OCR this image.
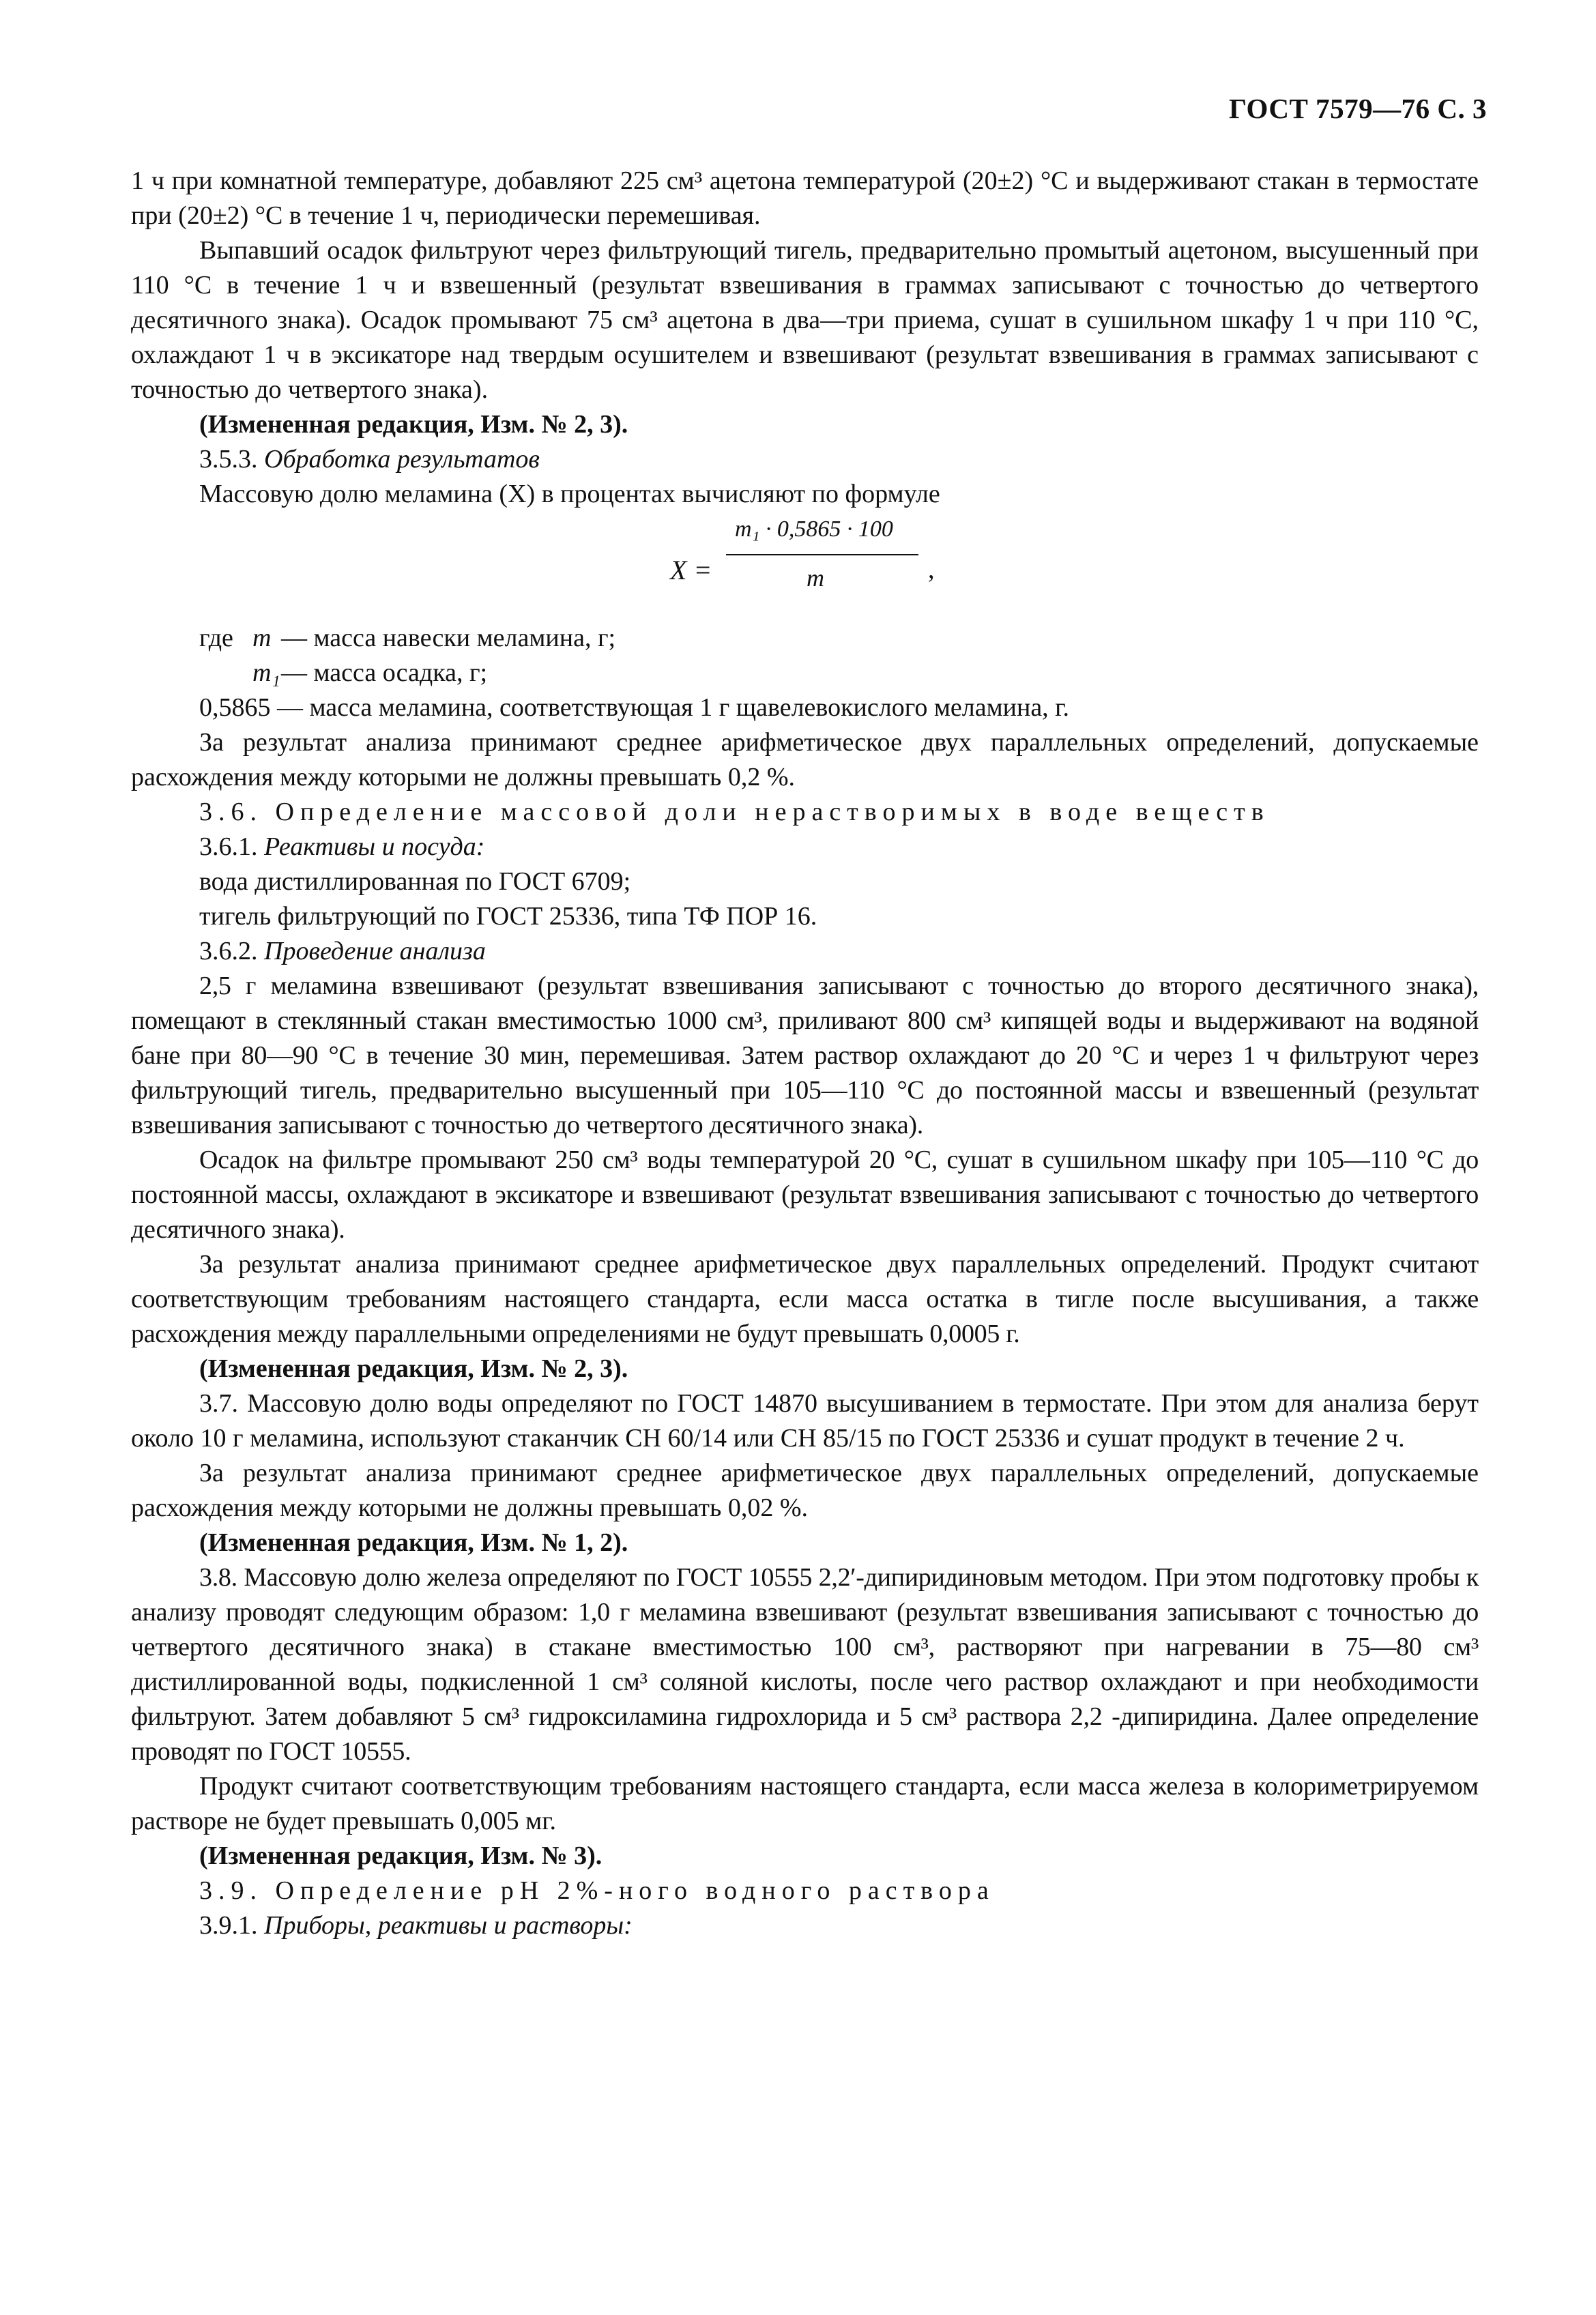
ГОСТ 7579—76 С. 3

1 ч при комнатной температуре, добавляют 225 см³ ацетона температурой (20±2) °С и выдерживают стакан в термостате при (20±2) °С в течение 1 ч, периодически перемешивая.

Выпавший осадок фильтруют через фильтрующий тигель, предварительно промытый ацетоном, высушенный при 110 °С в течение 1 ч и взвешенный (результат взвешивания в граммах записывают с точностью до четвертого десятичного знака). Осадок промывают 75 см³ ацетона в два—три приема, сушат в сушильном шкафу 1 ч при 110 °С, охлаждают 1 ч в эксикаторе над твердым осушителем и взвешивают (результат взвешивания в граммах записывают с точностью до четвертого знака).

(Измененная редакция, Изм. № 2, 3).

3.5.3. Обработка результатов

Массовую долю меламина (X) в процентах вычисляют по формуле

X =
m₁ · 0,5865 · 100
m	,
где m — масса навески меламина, г;
m₁ — масса осадка, г;
0,5865 — масса меламина, соответствующая 1 г щавелевокислого меламина, г.

За результат анализа принимают среднее арифметическое двух параллельных определений, допускаемые расхождения между которыми не должны превышать 0,2 %.

3.6. Определение массовой доли нерастворимых в воде веществ

3.6.1. Реактивы и посуда:

вода дистиллированная по ГОСТ 6709;

тигель фильтрующий по ГОСТ 25336, типа ТФ ПОР 16.

3.6.2. Проведение анализа

2,5 г меламина взвешивают (результат взвешивания записывают с точностью до второго десятичного знака), помещают в стеклянный стакан вместимостью 1000 см³, приливают 800 см³ кипящей воды и выдерживают на водяной бане при 80—90 °С в течение 30 мин, перемешивая. Затем раствор охлаждают до 20 °С и через 1 ч фильтруют через фильтрующий тигель, предварительно высушенный при 105—110 °С до постоянной массы и взвешенный (результат взвешивания записывают с точностью до четвертого десятичного знака).

Осадок на фильтре промывают 250 см³ воды температурой 20 °С, сушат в сушильном шкафу при 105—110 °С до постоянной массы, охлаждают в эксикаторе и взвешивают (результат взвешивания записывают с точностью до четвертого десятичного знака).

За результат анализа принимают среднее арифметическое двух параллельных определений. Продукт считают соответствующим требованиям настоящего стандарта, если масса остатка в тигле после высушивания, а также расхождения между параллельными определениями не будут превышать 0,0005 г.

(Измененная редакция, Изм. № 2, 3).

3.7. Массовую долю воды определяют по ГОСТ 14870 высушиванием в термостате. При этом для анализа берут около 10 г меламина, используют стаканчик СН 60/14 или СН 85/15 по ГОСТ 25336 и сушат продукт в течение 2 ч.

За результат анализа принимают среднее арифметическое двух параллельных определений, допускаемые расхождения между которыми не должны превышать 0,02 %.

(Измененная редакция, Изм. № 1, 2).

3.8. Массовую долю железа определяют по ГОСТ 10555 2,2′-дипиридиновым методом. При этом подготовку пробы к анализу проводят следующим образом: 1,0 г меламина взвешивают (результат взвешивания записывают с точностью до четвертого десятичного знака) в стакане вместимостью 100 см³, растворяют при нагревании в 75—80 см³ дистиллированной воды, подкисленной 1 см³ соляной кислоты, после чего раствор охлаждают и при необходимости фильтруют. Затем добавляют 5 см³ гидроксиламина гидрохлорида и 5 см³ раствора 2,2 -дипиридина. Далее определение проводят по ГОСТ 10555.

Продукт считают соответствующим требованиям настоящего стандарта, если масса железа в колориметрируемом растворе не будет превышать 0,005 мг.

(Измененная редакция, Изм. № 3).

3.9. Определение рН 2%-ного водного раствора

3.9.1. Приборы, реактивы и растворы:
